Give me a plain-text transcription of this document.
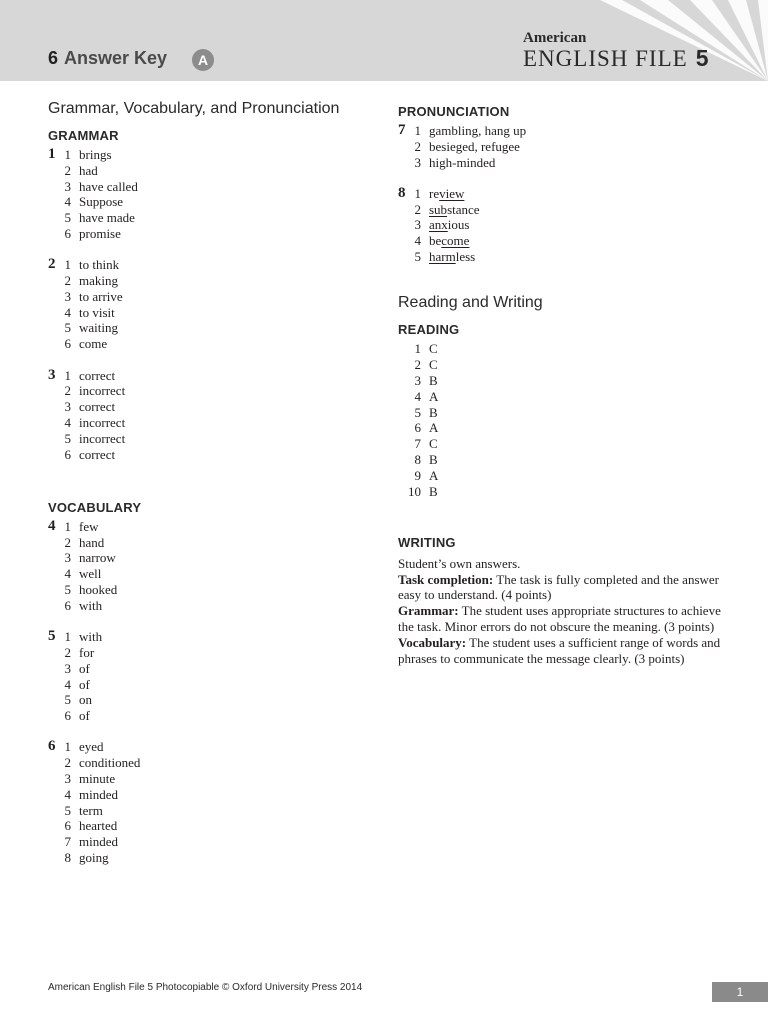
6 Answer Key	A
American
ENGLISH FILE 5
Grammar, Vocabulary, and Pronunciation
GRAMMAR
1 1 brings
2 had
3 have called
4 Suppose
5 have made
6 promise
2 1 to think
2 making
3 to arrive
4 to visit
5 waiting
6 come
3 1 correct
2 incorrect
3 correct
4 incorrect
5 incorrect
6 correct
VOCABULARY
4 1 few
2 hand
3 narrow
4 well
5 hooked
6 with
5 1 with
2 for
3 of
4 of
5 on
6 of
6 1 eyed
2 conditioned
3 minute
4 minded
5 term
6 hearted
7 minded
8 going
PRONUNCIATION
7 1 gambling, hang up
2 besieged, refugee
3 high-minded
8 1 review
2 substance
3 anxious
4 become
5 harmless
Reading and Writing
READING
1 C
2 C
3 B
4 A
5 B
6 A
7 C
8 B
9 A
10 B
WRITING

Student’s own answers.

Task completion: The task is fully completed and the answer easy to understand. (4 points)

Grammar: The student uses appropriate structures to achieve the task. Minor errors do not obscure the meaning. (3 points)

Vocabulary: The student uses a sufficient range of words and phrases to communicate the message clearly. (3 points)

American English File 5 Photocopiable © Oxford University Press 2014	1
